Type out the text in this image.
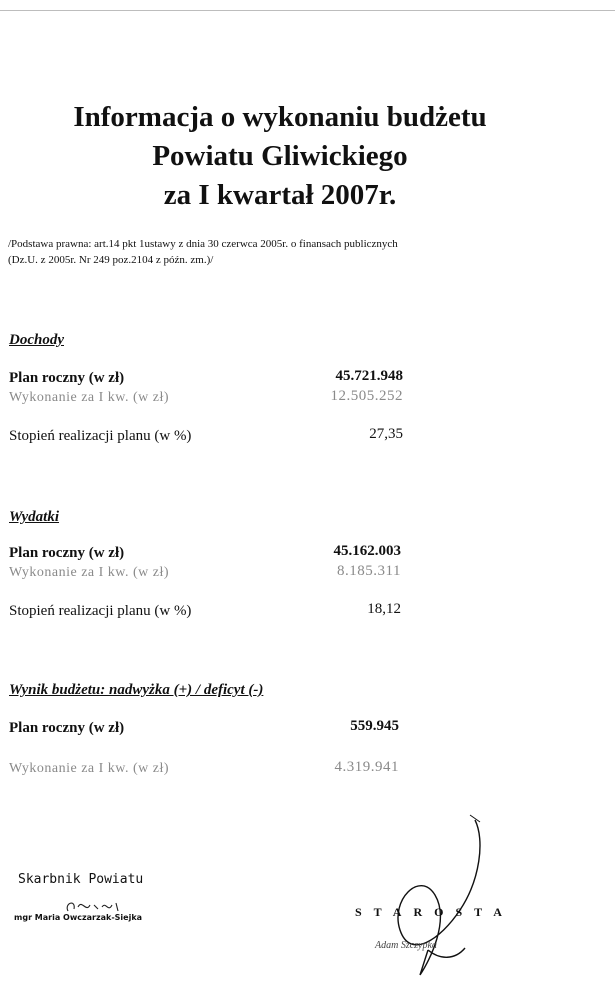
Informacja o wykonaniu budżetu
Powiatu Gliwickiego
za I kwartał 2007r.
/Podstawa prawna: art.14 pkt 1ustawy z dnia 30 czerwca 2005r. o finansach publicznych
(Dz.U. z 2005r. Nr 249 poz.2104 z późn. zm.)/
Dochody
Plan roczny (w zł)	45.721.948
Wykonanie za I kw. (w zł)	12.505.252
Stopień realizacji planu (w %)	27,35
Wydatki
Plan roczny (w zł)	45.162.003
Wykonanie za I kw. (w zł)	8.185.311
Stopień realizacji planu (w %)	18,12
Wynik budżetu: nadwyżka (+) / deficyt (-)
Plan roczny (w zł)	559.945
Wykonanie za I kw. (w zł)	4.319.941
Skarbnik Powiatu
mgr Maria Owczarzak-Siejka	STAROSTA
Adam Szczypka
